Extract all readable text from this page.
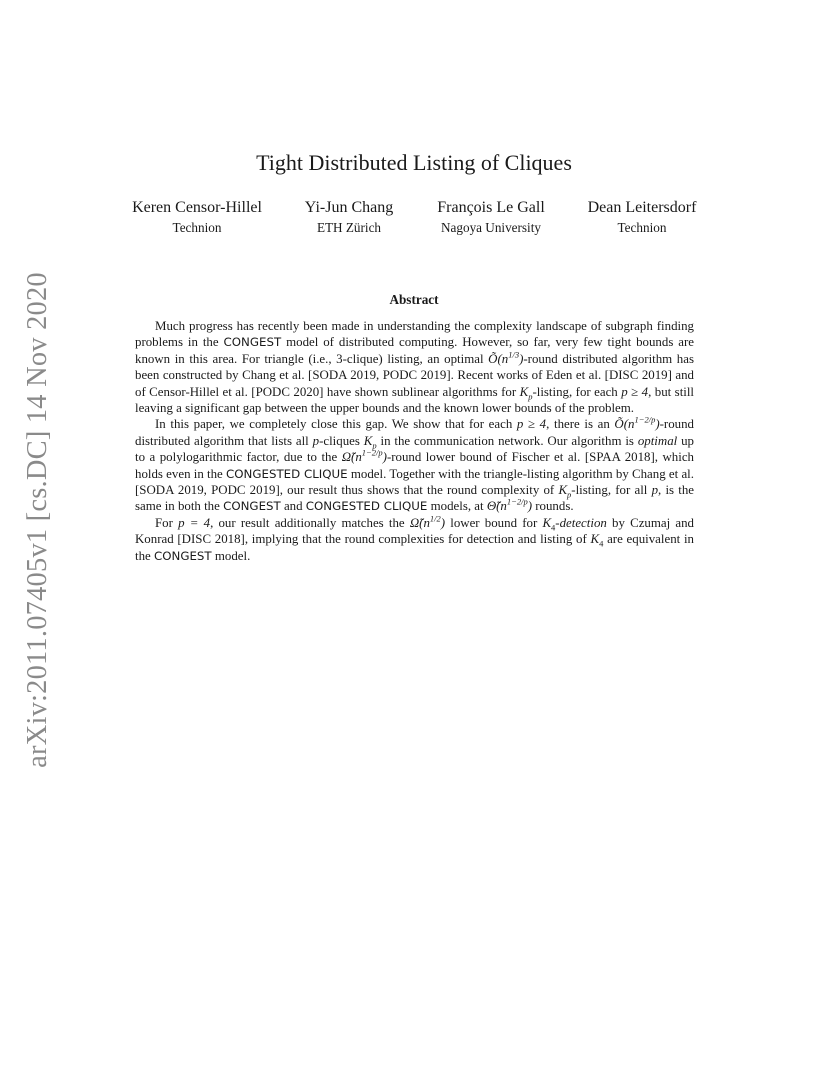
arXiv:2011.07405v1 [cs.DC] 14 Nov 2020
Tight Distributed Listing of Cliques
Keren Censor-Hillel
Technion
Yi-Jun Chang
ETH Zürich
François Le Gall
Nagoya University
Dean Leitersdorf
Technion
Abstract

Much progress has recently been made in understanding the complexity landscape of subgraph finding problems in the CONGEST model of distributed computing. However, so far, very few tight bounds are known in this area. For triangle (i.e., 3-clique) listing, an optimal $Õ(n^{1/3})$-round distributed algorithm has been constructed by Chang et al. [SODA 2019, PODC 2019]. Recent works of Eden et al. [DISC 2019] and of Censor-Hillel et al. [PODC 2020] have shown sublinear algorithms for $K_p$-listing, for each p ≥ 4, but still leaving a significant gap between the upper bounds and the known lower bounds of the problem.

In this paper, we completely close this gap. We show that for each p ≥ 4, there is an $Õ(n^{1-2/p})$-round distributed algorithm that lists all p-cliques $K_p$ in the communication network. Our algorithm is optimal up to a polylogarithmic factor, due to the $\Omegã(n^{1-2/p})$-round lower bound of Fischer et al. [SPAA 2018], which holds even in the CONGESTED CLIQUE model. Together with the triangle-listing algorithm by Chang et al. [SODA 2019, PODC 2019], our result thus shows that the round complexity of $K_p$-listing, for all p, is the same in both the CONGEST and CONGESTED CLIQUE models, at $\Thetã(n^{1-2/p})$ rounds.

For p = 4, our result additionally matches the $\Omegã(n^{1/2})$ lower bound for $K_4$-detection by Czumaj and Konrad [DISC 2018], implying that the round complexities for detection and listing of $K_4$ are equivalent in the CONGEST model.
